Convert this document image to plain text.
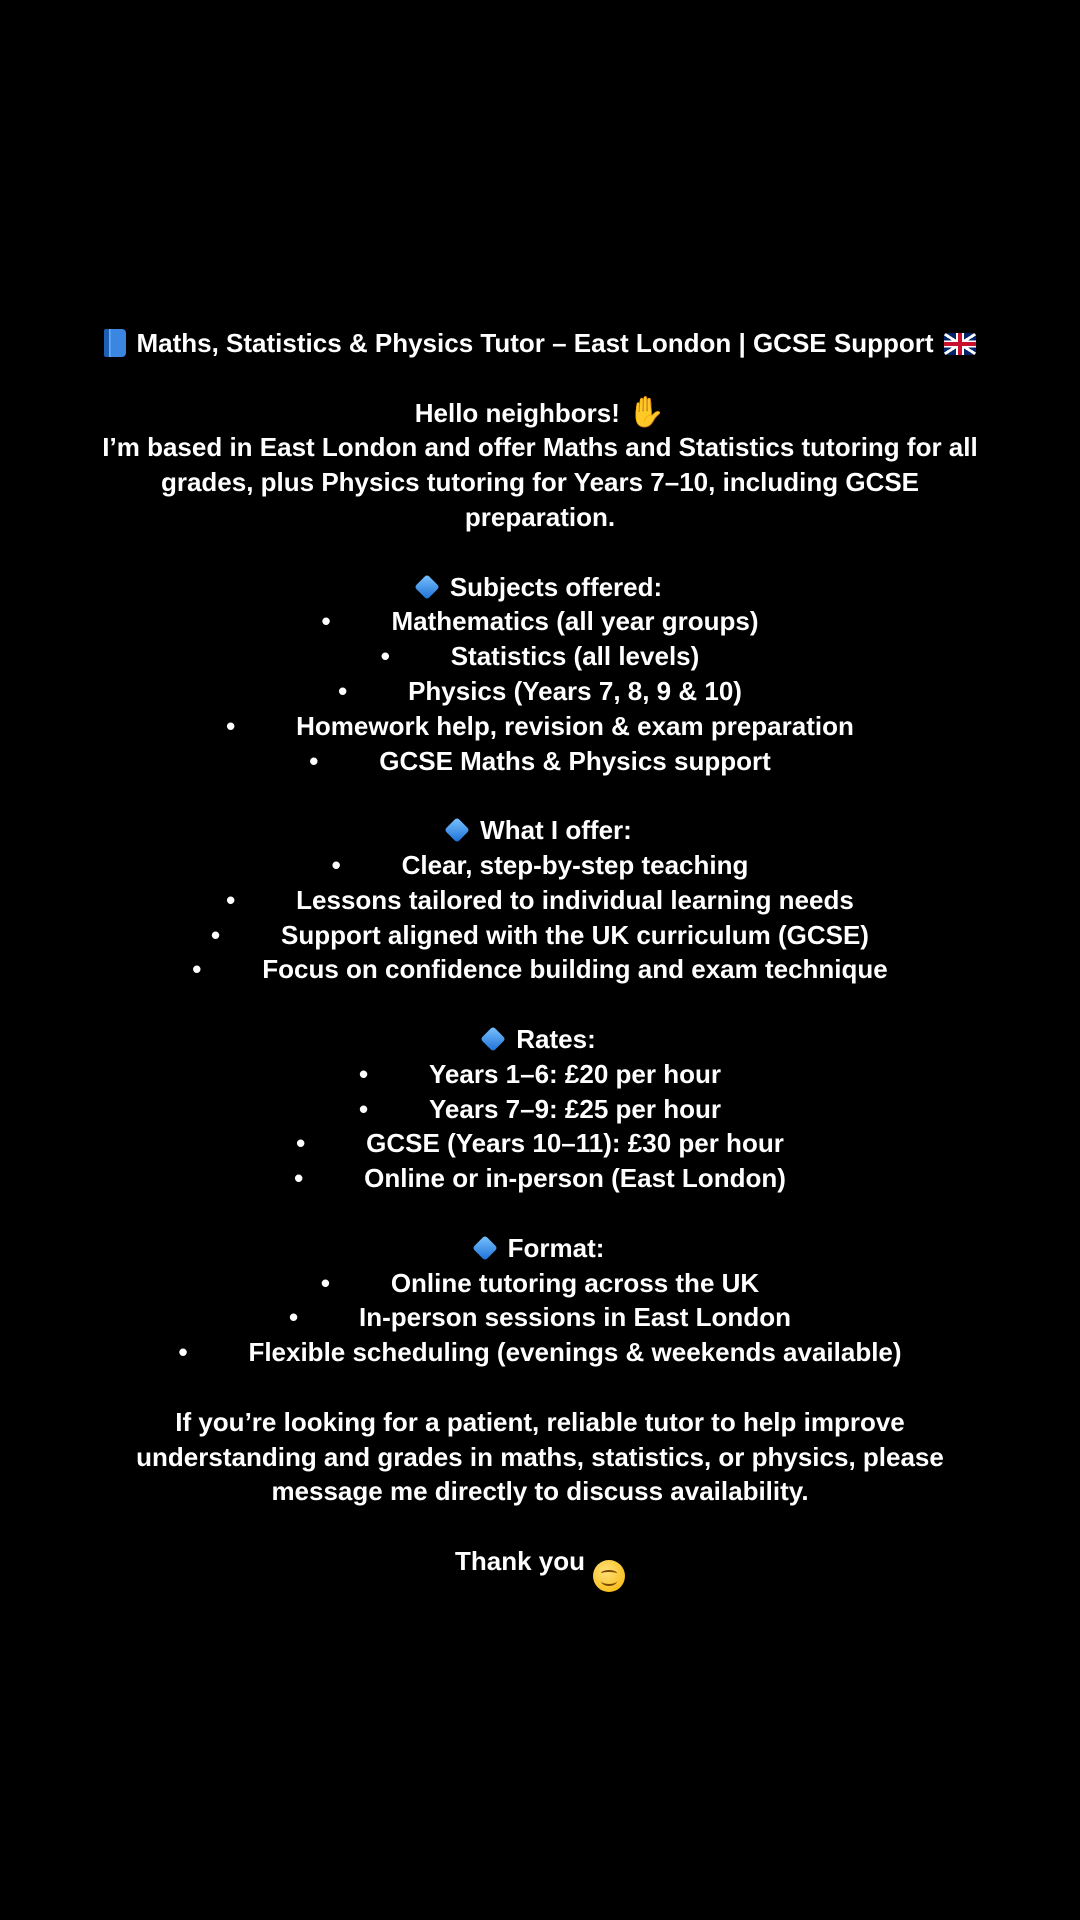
Maths, Statistics & Physics Tutor – East London | GCSE Support
Hello neighbors! ✋
I’m based in East London and offer Maths and Statistics tutoring for all
grades, plus Physics tutoring for Years 7–10, including GCSE
preparation.
Subjects offered:
• Mathematics (all year groups)
• Statistics (all levels)
• Physics (Years 7, 8, 9 & 10)
• Homework help, revision & exam preparation
• GCSE Maths & Physics support
What I offer:
• Clear, step-by-step teaching
• Lessons tailored to individual learning needs
• Support aligned with the UK curriculum (GCSE)
• Focus on confidence building and exam technique
Rates:
• Years 1–6: £20 per hour
• Years 7–9: £25 per hour
• GCSE (Years 10–11): £30 per hour
• Online or in-person (East London)
Format:
• Online tutoring across the UK
• In-person sessions in East London
• Flexible scheduling (evenings & weekends available)
If you’re looking for a patient, reliable tutor to help improve
understanding and grades in maths, statistics, or physics, please
message me directly to discuss availability.
Thank you
